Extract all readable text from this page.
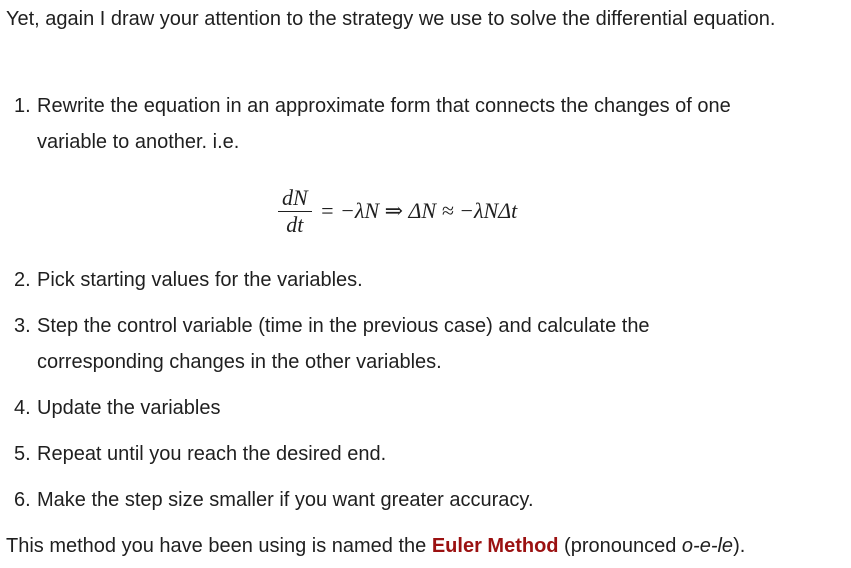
Yet, again I draw your attention to the strategy we use to solve the differential equation.

1. Rewrite the equation in an approximate form that connects the changes of one
variable to another. i.e.
$\frac{dN}{dt} = -\lambda N$ ⇒ ΔN ≈ −λNΔt
2. Pick starting values for the variables.
3. Step the control variable (time in the previous case) and calculate the
corresponding changes in the other variables.
4. Update the variables
5. Repeat until you reach the desired end.
6. Make the step size smaller if you want greater accuracy.

This method you have been using is named the Euler Method (pronounced o-e-le).
